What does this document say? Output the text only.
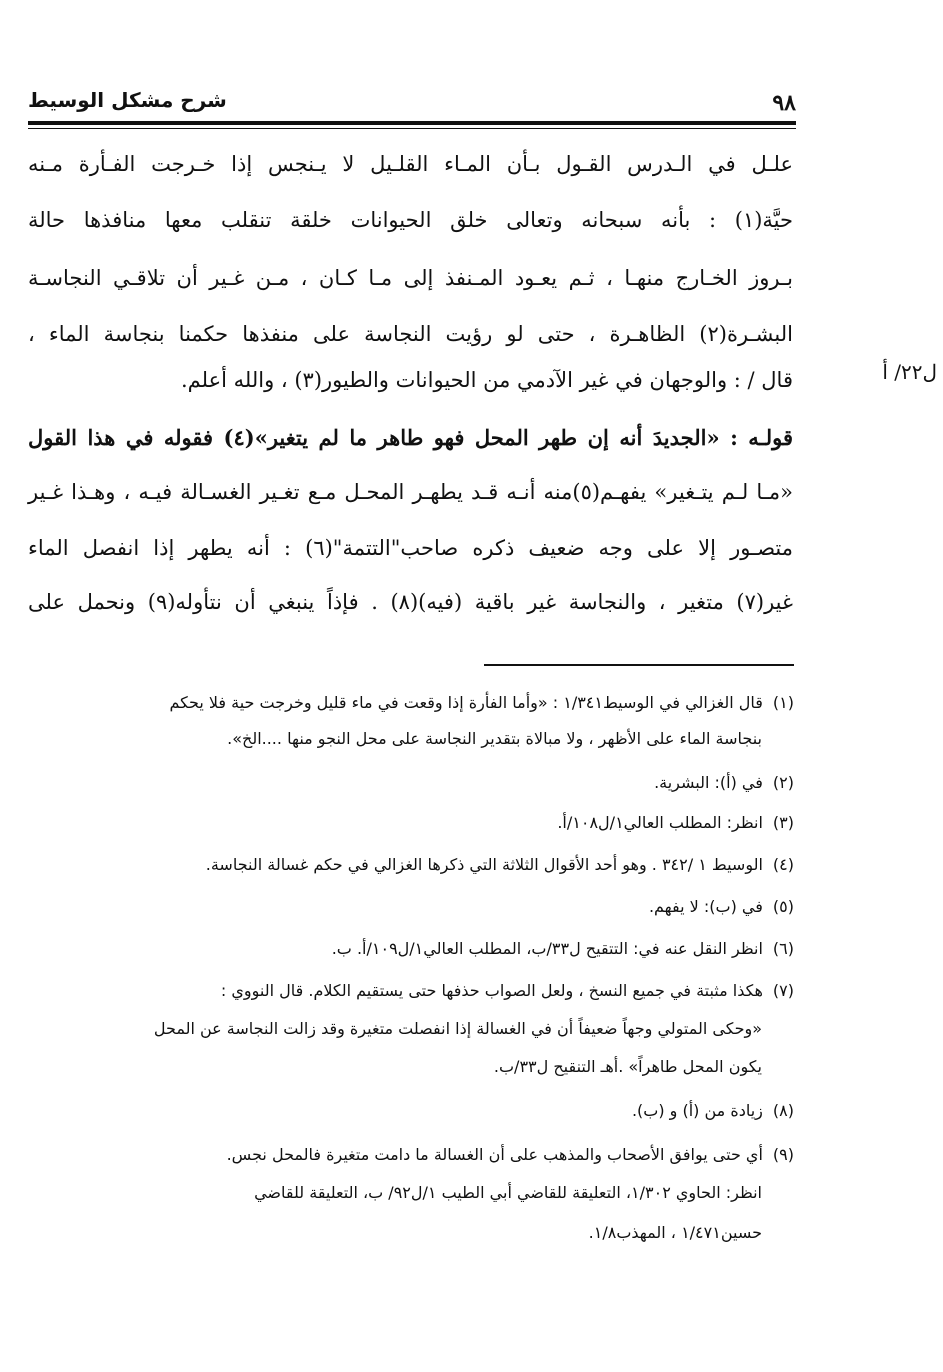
٩٨
شرح مشكل الوسيط
ل٢٢/ أ
علـل في الـدرس القـول بـأن المـاء القلـيل لا يـنجس إذا خـرجت الفـأرة مـنه
حيَّة(١) : بأنه سبحانه وتعالى خلق الحيوانات خلقة تنقلب معها منافذها حالة
بـروز الخـارج منهـا ، ثـم يعـود المـنفذ إلى مـا كـان ، مـن غـير أن تلاقـي النجاسـة
البشـرة(٢) الظاهـرة ، حتى لو رؤيت النجاسة على منفذها حكمنا بنجاسة الماء ،
قال / : والوجهان في غير الآدمي من الحيوانات والطيور(٣) ، والله أعلم.
قولـه : «الجديدَ أنه إن طهر المحل فهو طاهر ما لم يتغير»(٤) فقوله في هذا القول
«مـا لـم يتـغير» يفهـم(٥)منه أنـه قـد يطهـر المحـل مـع تغـير الغسـالة فيـه ، وهـذا غـير
متصـور إلا على وجه ضعيف ذكره صاحب"التتمة"(٦) : أنه يطهر إذا انفصل الماء
غير(٧) متغير ، والنجاسة غير باقية (فيه)(٨) . فإذاً ينبغي أن نتأوله(٩) ونحمل على
(١)قال الغزالي في الوسيط١/٣٤١ : «وأما الفأرة إذا وقعت في ماء قليل وخرجت حية فلا يحكم
بنجاسة الماء على الأظهر ، ولا مبالاة بتقدير النجاسة على محل النجو منها ....الخ».
(٢)في (أ): البشرية.
(٣)انظر: المطلب العالي١/ل١٠٨/أ.
(٤)الوسيط ١ /٣٤٢ . وهو أحد الأقوال الثلاثة التي ذكرها الغزالي في حكم غسالة النجاسة.
(٥)في (ب): لا يفهم.
(٦)انظر النقل عنه في: التتقيح ل٣٣/ب، المطلب العالي١/ل١٠٩/أ. ب.
(٧)هكذا مثبتة في جميع النسخ ، ولعل الصواب حذفها حتى يستقيم الكلام. قال النووي :
«وحكى المتولي وجهاً ضعيفاً أن في الغسالة إذا انفصلت متغيرة وقد زالت النجاسة عن المحل
يكون المحل طاهراً» .أهـ التنقيح ل٣٣/ب.
(٨)زيادة من (أ) و (ب).
(٩)أي حتى يوافق الأصحاب والمذهب على أن الغسالة ما دامت متغيرة فالمحل نجس.
انظر: الحاوي ١/٣٠٢، التعليقة للقاضي أبي الطيب ١/ل٩٢/ ب، التعليقة للقاضي
حسين١/٤٧١ ، المهذب١/٨.
